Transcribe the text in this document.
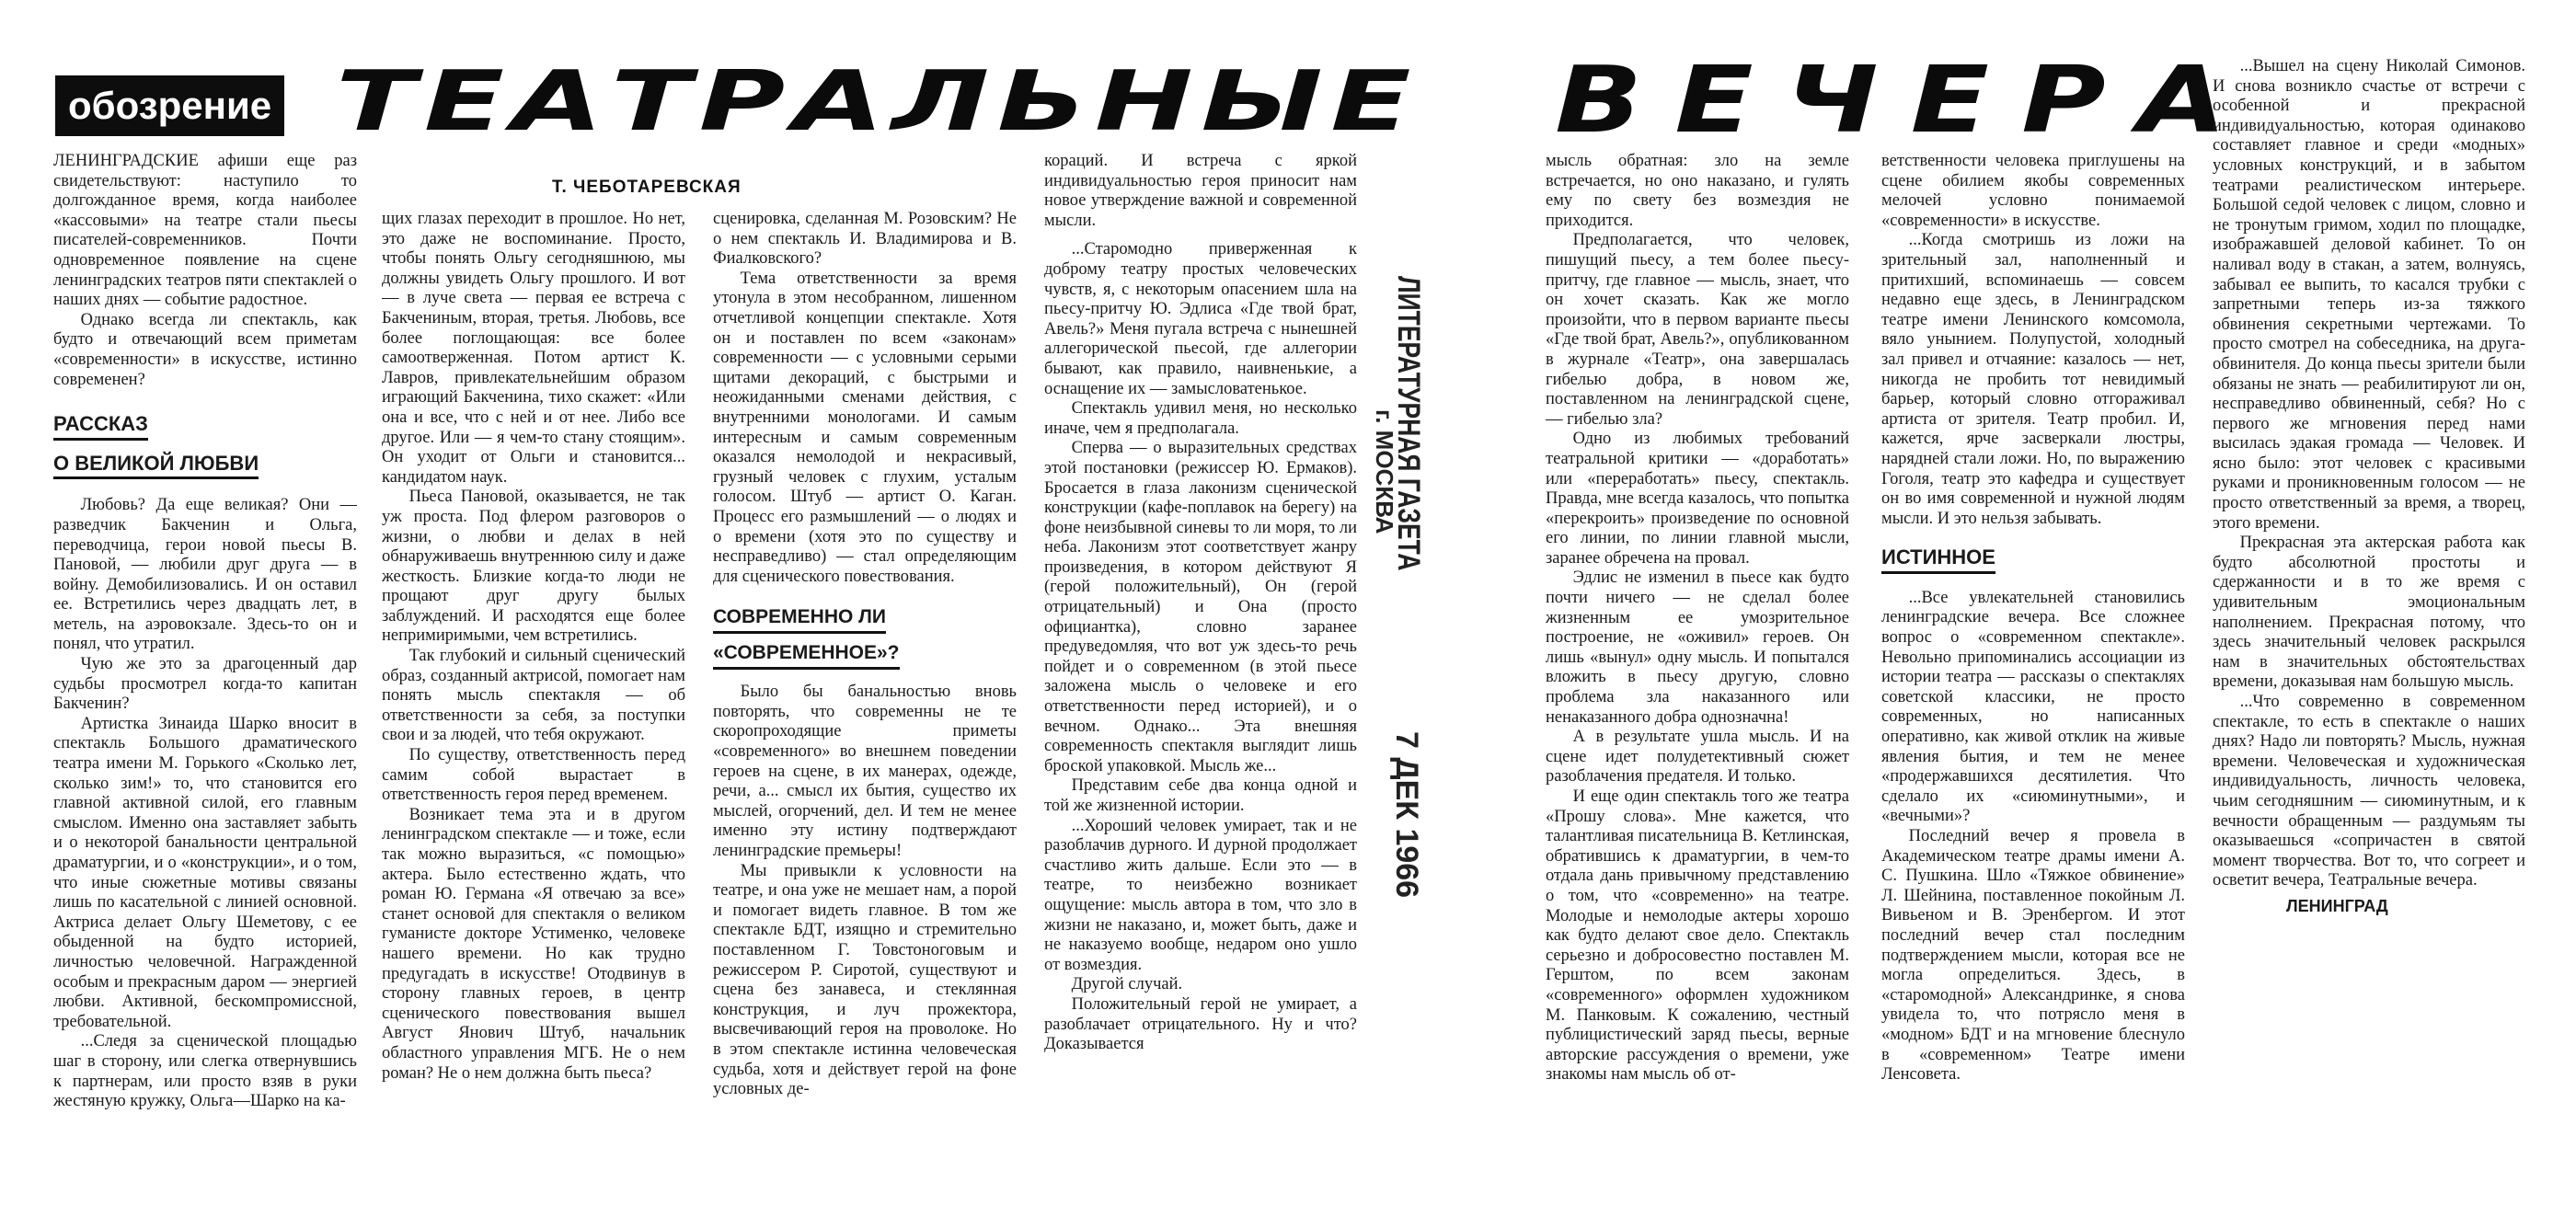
обозрение ТЕАТРАЛЬНЫЕ ВЕЧЕРА
Т. ЧЕБОТАРЕВСКАЯ

ЛЕНИНГРАДСКИЕ афиши еще раз свидетельствуют: наступило то долгожданное время, когда наиболее «кассовыми» на театре стали пьесы писателей-современников. Почти одновременное появление на сцене ленинградских театров пяти спектаклей о наших днях — событие радостное.

Однако всегда ли спектакль, как будто и отвечающий всем приметам «современности» в искусстве, истинно современен?

РАССКАЗ О ВЕЛИКОЙ ЛЮБВИ

Любовь? Да еще великая? Они — разведчик Бакченин и Ольга, переводчица, герои новой пьесы В. Пановой, — любили друг друга — в войну. Демобилизовались. И он оставил ее. Встретились через двадцать лет, в метель, на аэровокзале. Здесь-то он и понял, что утратил.

Чую же это за драгоценный дар судьбы просмотрел когда-то капитан Бакченин?

Артистка Зинаида Шарко вносит в спектакль Большого драматического театра имени М. Горького «Сколько лет, сколько зим!» то, что становится его главной активной силой, его главным смыслом. Именно она заставляет забыть и о некоторой банальности центральной драматургии, и о «конструкции», и о том, что иные сюжетные мотивы связаны лишь по касательной с линией основной. Актриса делает Ольгу Шеметову, с ее обыденной на будто историей, личностью человечной. Награжденной особым и прекрасным даром — энергией любви. Активной, бескомпромиссной, требовательной.

...Следя за сценической площадью шаг в сторону, или слегка отвернувшись к партнерам, или просто взяв в руки жестяную кружку, Ольга—Шарко на ка-

щих глазах переходит в прошлое. Но нет, это даже не воспоминание. Просто, чтобы понять Ольгу сегодняшнюю, мы должны увидеть Ольгу прошлого. И вот — в луче света — первая ее встреча с Бакчениным, вторая, третья. Любовь, все более поглощающая: все более самоотверженная. Потом артист К. Лавров, привлекательнейшим образом играющий Бакченина, тихо скажет: «Или она и все, что с ней и от нее. Либо все другое. Или — я чем-то стану стоящим». Он уходит от Ольги и становится... кандидатом наук.

Пьеса Пановой, оказывается, не так уж проста. Под флером разговоров о жизни, о любви и делах в ней обнаруживаешь внутреннюю силу и даже жесткость. Близкие когда-то люди не прощают друг другу былых заблуждений. И расходятся еще более непримиримыми, чем встретились.

Так глубокий и сильный сценический образ, созданный актрисой, помогает нам понять мысль спектакля — об ответственности за себя, за поступки свои и за людей, что тебя окружают.

По существу, ответственность перед самим собой вырастает в ответственность героя перед временем.

Возникает тема эта и в другом ленинградском спектакле — и тоже, если так можно выразиться, «с помощью» актера. Было естественно ждать, что роман Ю. Германа «Я отвечаю за все» станет основой для спектакля о великом гуманисте докторе Устименко, человеке нашего времени. Но как трудно предугадать в искусстве! Отодвинув в сторону главных героев, в центр сценического повествования вышел Август Янович Штуб, начальник областного управления МГБ. Не о нем роман? Не о нем должна быть пьеса?

сценировка, сделанная М. Розовским? Не о нем спектакль И. Владимирова и В. Фиалковского?

Тема ответственности за время утонула в этом несобранном, лишенном отчетливой концепции спектакле. Хотя он и поставлен по всем «законам» современности — с условными серыми щитами декораций, с быстрыми и неожиданными сменами действия, с внутренними монологами. И самым интересным и самым современным оказался немолодой и некрасивый, грузный человек с глухим, усталым голосом. Штуб — артист О. Каган. Процесс его размышлений — о людях и о времени (хотя это по существу и несправедливо) — стал определяющим для сценического повествования.

СОВРЕМЕННО ЛИ
«СОВРЕМЕННОЕ»?

Было бы банальностью вновь повторять, что современны не те скоропроходящие приметы «современного» во внешнем поведении героев на сцене, в их манерах, одежде, речи, а... смысл их бытия, существо их мыслей, огорчений, дел. И тем не менее именно эту истину подтверждают ленинградские премьеры!

Мы привыкли к условности на театре, и она уже не мешает нам, а порой и помогает видеть главное. В том же спектакле БДТ, изящно и стремительно поставленном Г. Товстоноговым и режиссером Р. Сиротой, существуют и сцена без занавеса, и стеклянная конструкция, и луч прожектора, высвечивающий героя на проволоке. Но в этом спектакле истинна человеческая судьба, хотя и действует герой на фоне условных де-

кораций. И встреча с яркой индивидуальностью героя приносит нам новое утверждение важной и современной мысли.

...Старомодно приверженная к доброму театру простых человеческих чувств, я, с некоторым опасением шла на пьесу-притчу Ю. Эдлиса «Где твой брат, Авель?» Меня пугала встреча с нынешней аллегорической пьесой, где аллегории бывают, как правило, наивненькие, а оснащение их — замысловатенькое.

Спектакль удивил меня, но несколько иначе, чем я предполагала.

Сперва — о выразительных средствах этой постановки (режиссер Ю. Ермаков). Бросается в глаза лаконизм сценической конструкции (кафе-поплавок на берегу) на фоне неизбывной синевы то ли моря, то ли неба. Лаконизм этот соответствует жанру произведения, в котором действуют Я (герой положительный), Он (герой отрицательный) и Она (просто официантка), словно заранее предуведомляя, что вот уж здесь-то речь пойдет и о современном (в этой пьесе заложена мысль о человеке и его ответственности перед историей), и о вечном. Однако... Эта внешняя современность спектакля выглядит лишь броской упаковкой. Мысль же...

Представим себе два конца одной и той же жизненной истории.

...Хороший человек умирает, так и не разоблачив дурного. И дурной продолжает счастливо жить дальше. Если это — в театре, то неизбежно возникает ощущение: мысль автора в том, что зло в жизни не наказано, и, может быть, даже и не наказуемо вообще, недаром оно ушло от возмездия.

Другой случай.

Положительный герой не умирает, а разоблачает отрицательного. Ну и что? Доказывается

ЛИТЕРАТУРНАЯ ГАЗЕТА
г. МОСКВА
7 ДЕК 1966

мысль обратная: зло на земле встречается, но оно наказано, и гулять ему по свету без возмездия не приходится.

Предполагается, что человек, пишущий пьесу, а тем более пьесу-притчу, где главное — мысль, знает, что он хочет сказать. Как же могло произойти, что в первом варианте пьесы «Где твой брат, Авель?», опубликованном в журнале «Театр», она завершалась гибелью добра, в новом же, поставленном на ленинградской сцене, — гибелью зла?

Одно из любимых требований театральной критики — «доработать» или «переработать» пьесу, спектакль. Правда, мне всегда казалось, что попытка «перекроить» произведение по основной его линии, по линии главной мысли, заранее обречена на провал.

Эдлис не изменил в пьесе как будто почти ничего — не сделал более жизненным ее умозрительное построение, не «оживил» героев. Он лишь «вынул» одну мысль. И попытался вложить в пьесу другую, словно проблема зла наказанного или ненаказанного добра однозначна!

А в результате ушла мысль. И на сцене идет полудетективный сюжет разоблачения предателя. И только.

И еще один спектакль того же театра «Прошу слова». Мне кажется, что талантливая писательница В. Кетлинская, обратившись к драматургии, в чем-то отдала дань привычному представлению о том, что «современно» на театре. Молодые и немолодые актеры хорошо как будто делают свое дело. Спектакль серьезно и добросовестно поставлен М. Герштом, по всем законам «современного» оформлен художником М. Панковым. К сожалению, честный публицистический заряд пьесы, верные авторские рассуждения о времени, уже знакомы нам мысль об от-

ветственности человека приглушены на сцене обилием якобы современных мелочей условно понимаемой «современности» в искусстве.

...Когда смотришь из ложи на зрительный зал, наполненный и притихший, вспоминаешь — совсем недавно еще здесь, в Ленинградском театре имени Ленинского комсомола, вяло унынием. Полупустой, холодный зал привел и отчаяние: казалось — нет, никогда не пробить тот невидимый барьер, который словно отгораживал артиста от зрителя. Театр пробил. И, кажется, ярче засверкали люстры, нарядней стали ложи. Но, по выражению Гоголя, театр это кафедра и существует он во имя современной и нужной людям мысли. И это нельзя забывать.

ИСТИННОЕ

...Все увлекательней становились ленинградские вечера. Все сложнее вопрос о «современном спектакле». Невольно припоминались ассоциации из истории театра — рассказы о спектаклях советской классики, не просто современных, но написанных оперативно, как живой отклик на живые явления бытия, и тем не менее «продержавшихся десятилетия. Что сделало их «сиюминутными», и «вечными»?

Последний вечер я провела в Академическом театре драмы имени А. С. Пушкина. Шло «Тяжкое обвинение» Л. Шейнина, поставленное покойным Л. Вивьеном и В. Эренбергом. И этот последний вечер стал последним подтверждением мысли, которая все не могла определиться. Здесь, в «старомодной» Александринке, я снова увидела то, что потрясло меня в «модном» БДТ и на мгновение блеснуло в «современном» Театре имени Ленсовета.

...Вышел на сцену Николай Симонов. И снова возникло счастье от встречи с особенной и прекрасной индивидуальностью, которая одинаково составляет главное и среди «модных» условных конструкций, и в забытом театрами реалистическом интерьере. Большой седой человек с лицом, словно и не тронутым гримом, ходил по площадке, изображавшей деловой кабинет. То он наливал воду в стакан, а затем, волнуясь, забывал ее выпить, то касался трубки с запретными теперь из-за тяжкого обвинения секретными чертежами. То просто смотрел на собеседника, на друга-обвинителя. До конца пьесы зрители были обязаны не знать — реабилитируют ли он, несправедливо обвиненный, себя? Но с первого же мгновения перед нами высилась эдакая громада — Человек. И ясно было: этот человек с красивыми руками и проникновенным голосом — не просто ответственный за время, а творец, этого времени.

Прекрасная эта актерская работа как будто абсолютной простоты и сдержанности и в то же время с удивительным эмоциональным наполнением. Прекрасная потому, что здесь значительный человек раскрылся нам в значительных обстоятельствах времени, доказывая нам большую мысль.

...Что современно в современном спектакле, то есть в спектакле о наших днях? Надо ли повторять? Мысль, нужная времени. Человеческая и художническая индивидуальность, личность человека, чьим сегодняшним — сиюминутным, и к вечности обращенным — раздумьям ты оказываешься «сопричастен в святой момент творчества. Вот то, что согреет и осветит вечера, Театральные вечера.

ЛЕНИНГРАД
